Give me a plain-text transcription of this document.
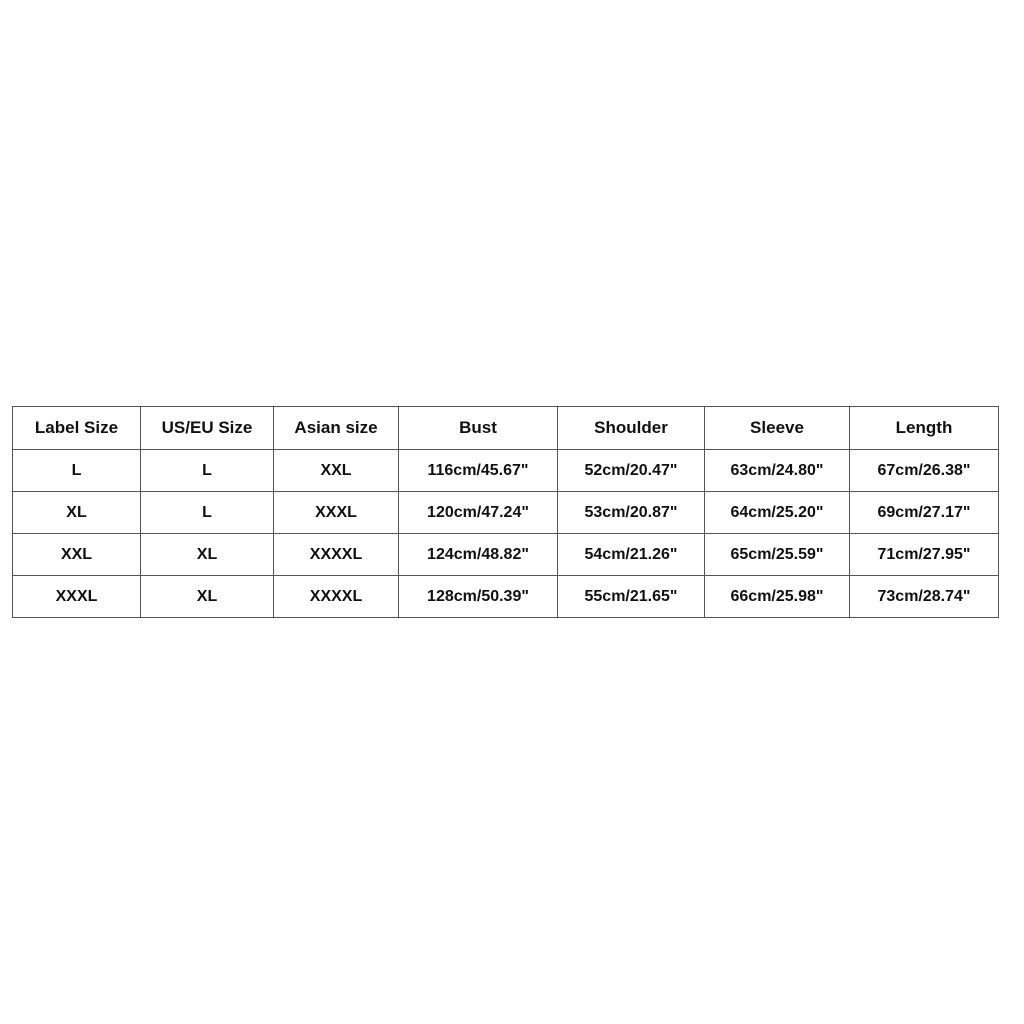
Label Size	US/EU Size	Asian size	Bust	Shoulder	Sleeve	Length
L	L	XXL	116cm/45.67"	52cm/20.47"	63cm/24.80"	67cm/26.38"
XL	L	XXXL	120cm/47.24"	53cm/20.87"	64cm/25.20"	69cm/27.17"
XXL	XL	XXXXL	124cm/48.82"	54cm/21.26"	65cm/25.59"	71cm/27.95"
XXXL	XL	XXXXL	128cm/50.39"	55cm/21.65"	66cm/25.98"	73cm/28.74"
